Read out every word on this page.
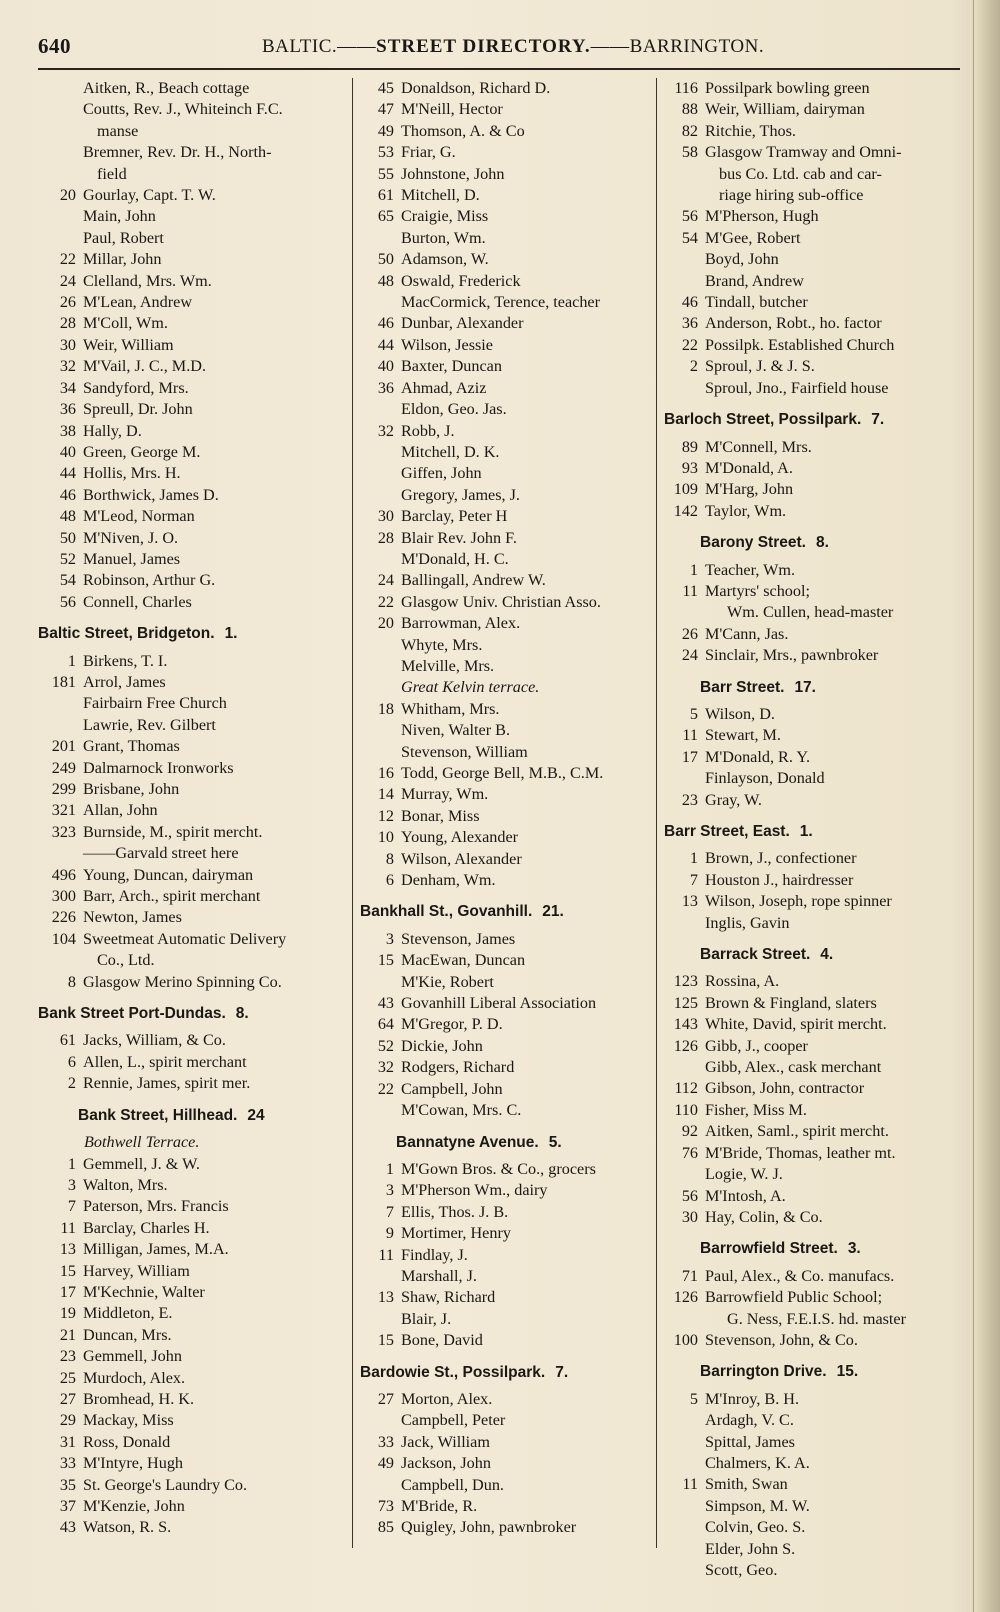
640	BALTIC.——STREET DIRECTORY.——BARRINGTON.
Aitken, R., Beach cottage
Coutts, Rev. J., Whiteinch F.C.
manse
Bremner, Rev. Dr. H., North-
field
20 Gourlay, Capt. T. W.
Main, John
Paul, Robert
22 Millar, John
24 Clelland, Mrs. Wm.
26 M'Lean, Andrew
28 M'Coll, Wm.
30 Weir, William
32 M'Vail, J. C., M.D.
34 Sandyford, Mrs.
36 Spreull, Dr. John
38 Hally, D.
40 Green, George M.
44 Hollis, Mrs. H.
46 Borthwick, James D.
48 M'Leod, Norman
50 M'Niven, J. O.
52 Manuel, James
54 Robinson, Arthur G.
56 Connell, Charles
Baltic Street, Bridgeton. 1.
1 Birkens, T. I.
181 Arrol, James
Fairbairn Free Church
Lawrie, Rev. Gilbert
201 Grant, Thomas
249 Dalmarnock Ironworks
299 Brisbane, John
321 Allan, John
323 Burnside, M., spirit mercht.
——Garvald street here
496 Young, Duncan, dairyman
300 Barr, Arch., spirit merchant
226 Newton, James
104 Sweetmeat Automatic Delivery
Co., Ltd.
8 Glasgow Merino Spinning Co.
Bank Street Port-Dundas. 8.
61 Jacks, William, & Co.
6 Allen, L., spirit merchant
2 Rennie, James, spirit mer.
Bank Street, Hillhead. 24
Bothwell Terrace.
1 Gemmell, J. & W.
3 Walton, Mrs.
7 Paterson, Mrs. Francis
11 Barclay, Charles H.
13 Milligan, James, M.A.
15 Harvey, William
17 M'Kechnie, Walter
19 Middleton, E.
21 Duncan, Mrs.
23 Gemmell, John
25 Murdoch, Alex.
27 Bromhead, H. K.
29 Mackay, Miss
31 Ross, Donald
33 M'Intyre, Hugh
35 St. George's Laundry Co.
37 M'Kenzie, John
43 Watson, R. S.
45 Donaldson, Richard D.
47 M'Neill, Hector
49 Thomson, A. & Co
53 Friar, G.
55 Johnstone, John
61 Mitchell, D.
65 Craigie, Miss
Burton, Wm.
50 Adamson, W.
48 Oswald, Frederick
MacCormick, Terence, teacher
46 Dunbar, Alexander
44 Wilson, Jessie
40 Baxter, Duncan
36 Ahmad, Aziz
Eldon, Geo. Jas.
32 Robb, J.
Mitchell, D. K.
Giffen, John
Gregory, James, J.
30 Barclay, Peter H
28 Blair Rev. John F.
M'Donald, H. C.
24 Ballingall, Andrew W.
22 Glasgow Univ. Christian Asso.
20 Barrowman, Alex.
Whyte, Mrs.
Melville, Mrs.
Great Kelvin terrace.
18 Whitham, Mrs.
Niven, Walter B.
Stevenson, William
16 Todd, George Bell, M.B., C.M.
14 Murray, Wm.
12 Bonar, Miss
10 Young, Alexander
8 Wilson, Alexander
6 Denham, Wm.
Bankhall St., Govanhill. 21.
3 Stevenson, James
15 MacEwan, Duncan
M'Kie, Robert
43 Govanhill Liberal Association
64 M'Gregor, P. D.
52 Dickie, John
32 Rodgers, Richard
22 Campbell, John
M'Cowan, Mrs. C.
Bannatyne Avenue. 5.
1 M'Gown Bros. & Co., grocers
3 M'Pherson Wm., dairy
7 Ellis, Thos. J. B.
9 Mortimer, Henry
11 Findlay, J.
Marshall, J.
13 Shaw, Richard
Blair, J.
15 Bone, David
Bardowie St., Possilpark. 7.
27 Morton, Alex.
Campbell, Peter
33 Jack, William
49 Jackson, John
Campbell, Dun.
73 M'Bride, R.
85 Quigley, John, pawnbroker
116 Possilpark bowling green
88 Weir, William, dairyman
82 Ritchie, Thos.
58 Glasgow Tramway and Omni-
bus Co. Ltd. cab and car-
riage hiring sub-office
56 M'Pherson, Hugh
54 M'Gee, Robert
Boyd, John
Brand, Andrew
46 Tindall, butcher
36 Anderson, Robt., ho. factor
22 Possilpk. Established Church
2 Sproul, J. & J. S.
Sproul, Jno., Fairfield house
Barloch Street, Possilpark. 7.
89 M'Connell, Mrs.
93 M'Donald, A.
109 M'Harg, John
142 Taylor, Wm.
Barony Street. 8.
1 Teacher, Wm.
11 Martyrs' school;
Wm. Cullen, head-master
26 M'Cann, Jas.
24 Sinclair, Mrs., pawnbroker
Barr Street. 17.
5 Wilson, D.
11 Stewart, M.
17 M'Donald, R. Y.
Finlayson, Donald
23 Gray, W.
Barr Street, East. 1.
1 Brown, J., confectioner
7 Houston J., hairdresser
13 Wilson, Joseph, rope spinner
Inglis, Gavin
Barrack Street. 4.
123 Rossina, A.
125 Brown & Fingland, slaters
143 White, David, spirit mercht.
126 Gibb, J., cooper
Gibb, Alex., cask merchant
112 Gibson, John, contractor
110 Fisher, Miss M.
92 Aitken, Saml., spirit mercht.
76 M'Bride, Thomas, leather mt.
Logie, W. J.
56 M'Intosh, A.
30 Hay, Colin, & Co.
Barrowfield Street. 3.
71 Paul, Alex., & Co. manufacs.
126 Barrowfield Public School;
G. Ness, F.E.I.S. hd. master
100 Stevenson, John, & Co.
Barrington Drive. 15.
5 M'Inroy, B. H.
Ardagh, V. C.
Spittal, James
Chalmers, K. A.
11 Smith, Swan
Simpson, M. W.
Colvin, Geo. S.
Elder, John S.
Scott, Geo.
